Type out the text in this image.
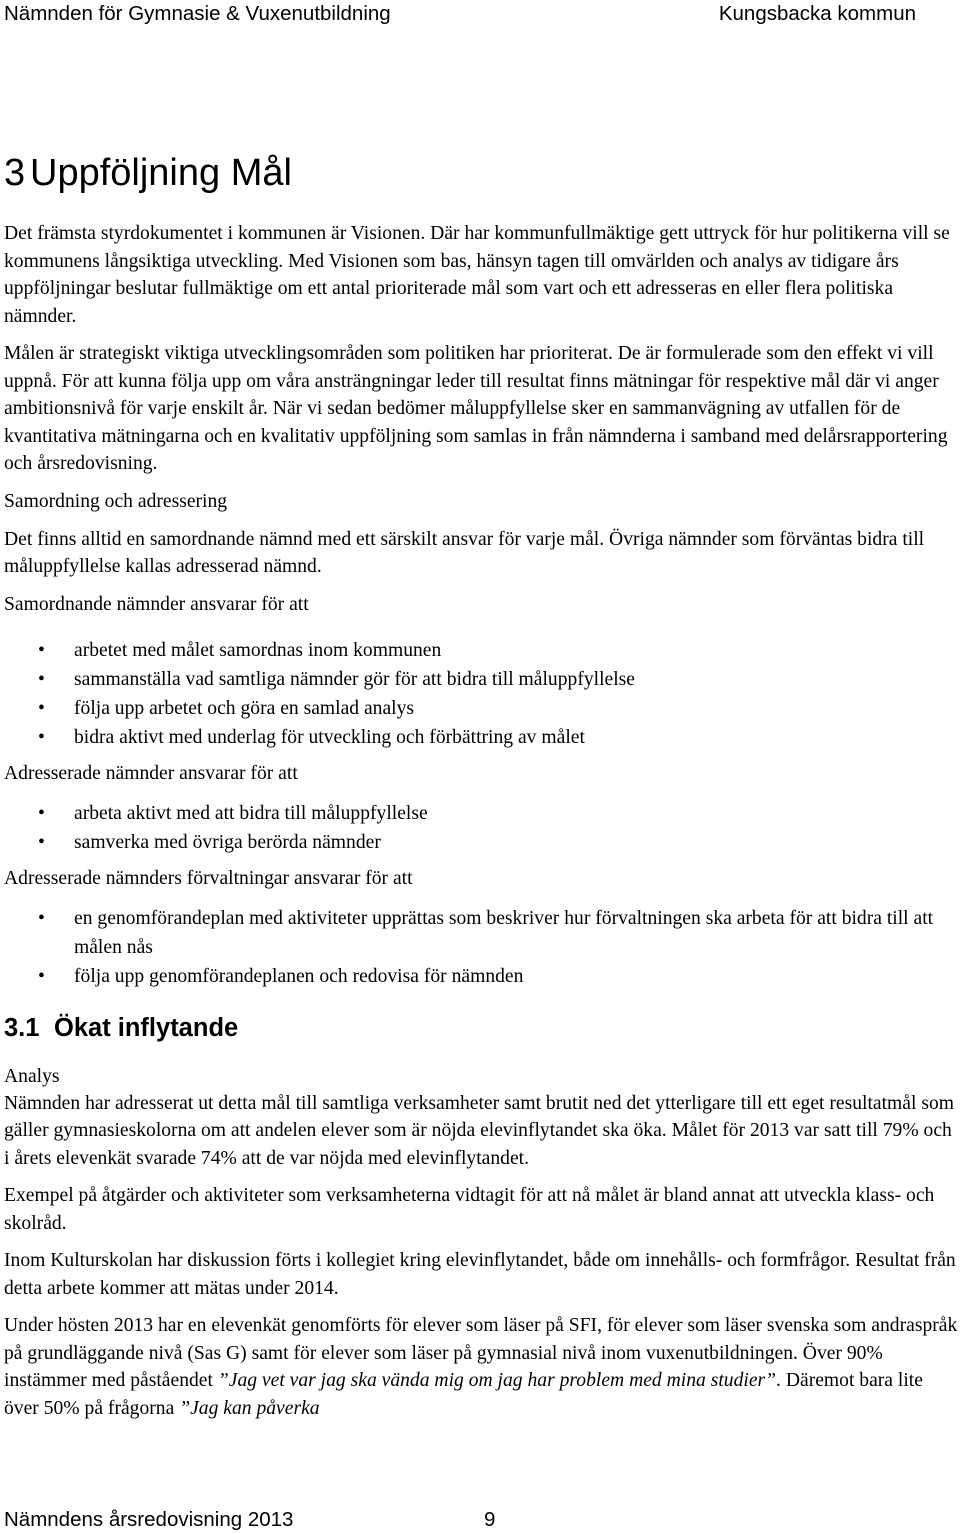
Nämnden för Gymnasie & Vuxenutbildning	Kungsbacka kommun
3 Uppföljning Mål

Det främsta styrdokumentet i kommunen är Visionen. Där har kommunfullmäktige gett uttryck för hur politikerna vill se kommunens långsiktiga utveckling. Med Visionen som bas, hänsyn tagen till omvärlden och analys av tidigare års uppföljningar beslutar fullmäktige om ett antal prioriterade mål som vart och ett adresseras en eller flera politiska nämnder.

Målen är strategiskt viktiga utvecklingsområden som politiken har prioriterat. De är formulerade som den effekt vi vill uppnå. För att kunna följa upp om våra ansträngningar leder till resultat finns mätningar för respektive mål där vi anger ambitionsnivå för varje enskilt år. När vi sedan bedömer måluppfyllelse sker en sammanvägning av utfallen för de kvantitativa mätningarna och en kvalitativ uppföljning som samlas in från nämnderna i samband med delårsrapportering och årsredovisning.

Samordning och adressering

Det finns alltid en samordnande nämnd med ett särskilt ansvar för varje mål. Övriga nämnder som förväntas bidra till måluppfyllelse kallas adresserad nämnd.

Samordnande nämnder ansvarar för att
• arbetet med målet samordnas inom kommunen
• sammanställa vad samtliga nämnder gör för att bidra till måluppfyllelse
• följa upp arbetet och göra en samlad analys
• bidra aktivt med underlag för utveckling och förbättring av målet
Adresserade nämnder ansvarar för att
• arbeta aktivt med att bidra till måluppfyllelse
• samverka med övriga berörda nämnder
Adresserade nämnders förvaltningar ansvarar för att
• en genomförandeplan med aktiviteter upprättas som beskriver hur förvaltningen ska arbeta för att bidra till att målen nås
• följa upp genomförandeplanen och redovisa för nämnden
3.1 Ökat inflytande
Analys

Nämnden har adresserat ut detta mål till samtliga verksamheter samt brutit ned det ytterligare till ett eget resultatmål som gäller gymnasieskolorna om att andelen elever som är nöjda elevinflytandet ska öka. Målet för 2013 var satt till 79% och i årets elevenkät svarade 74% att de var nöjda med elevinflytandet.

Exempel på åtgärder och aktiviteter som verksamheterna vidtagit för att nå målet är bland annat att utveckla klass- och skolråd.

Inom Kulturskolan har diskussion förts i kollegiet kring elevinflytandet, både om innehålls- och formfrågor. Resultat från detta arbete kommer att mätas under 2014.

Under hösten 2013 har en elevenkät genomförts för elever som läser på SFI, för elever som läser svenska som andraspråk på grundläggande nivå (Sas G) samt för elever som läser på gymnasial nivå inom vuxenutbildningen. Över 90% instämmer med påståendet ”Jag vet var jag ska vända mig om jag har problem med mina studier”. Däremot bara lite över 50% på frågorna ”Jag kan påverka

Nämndens årsredovisning 2013	9
